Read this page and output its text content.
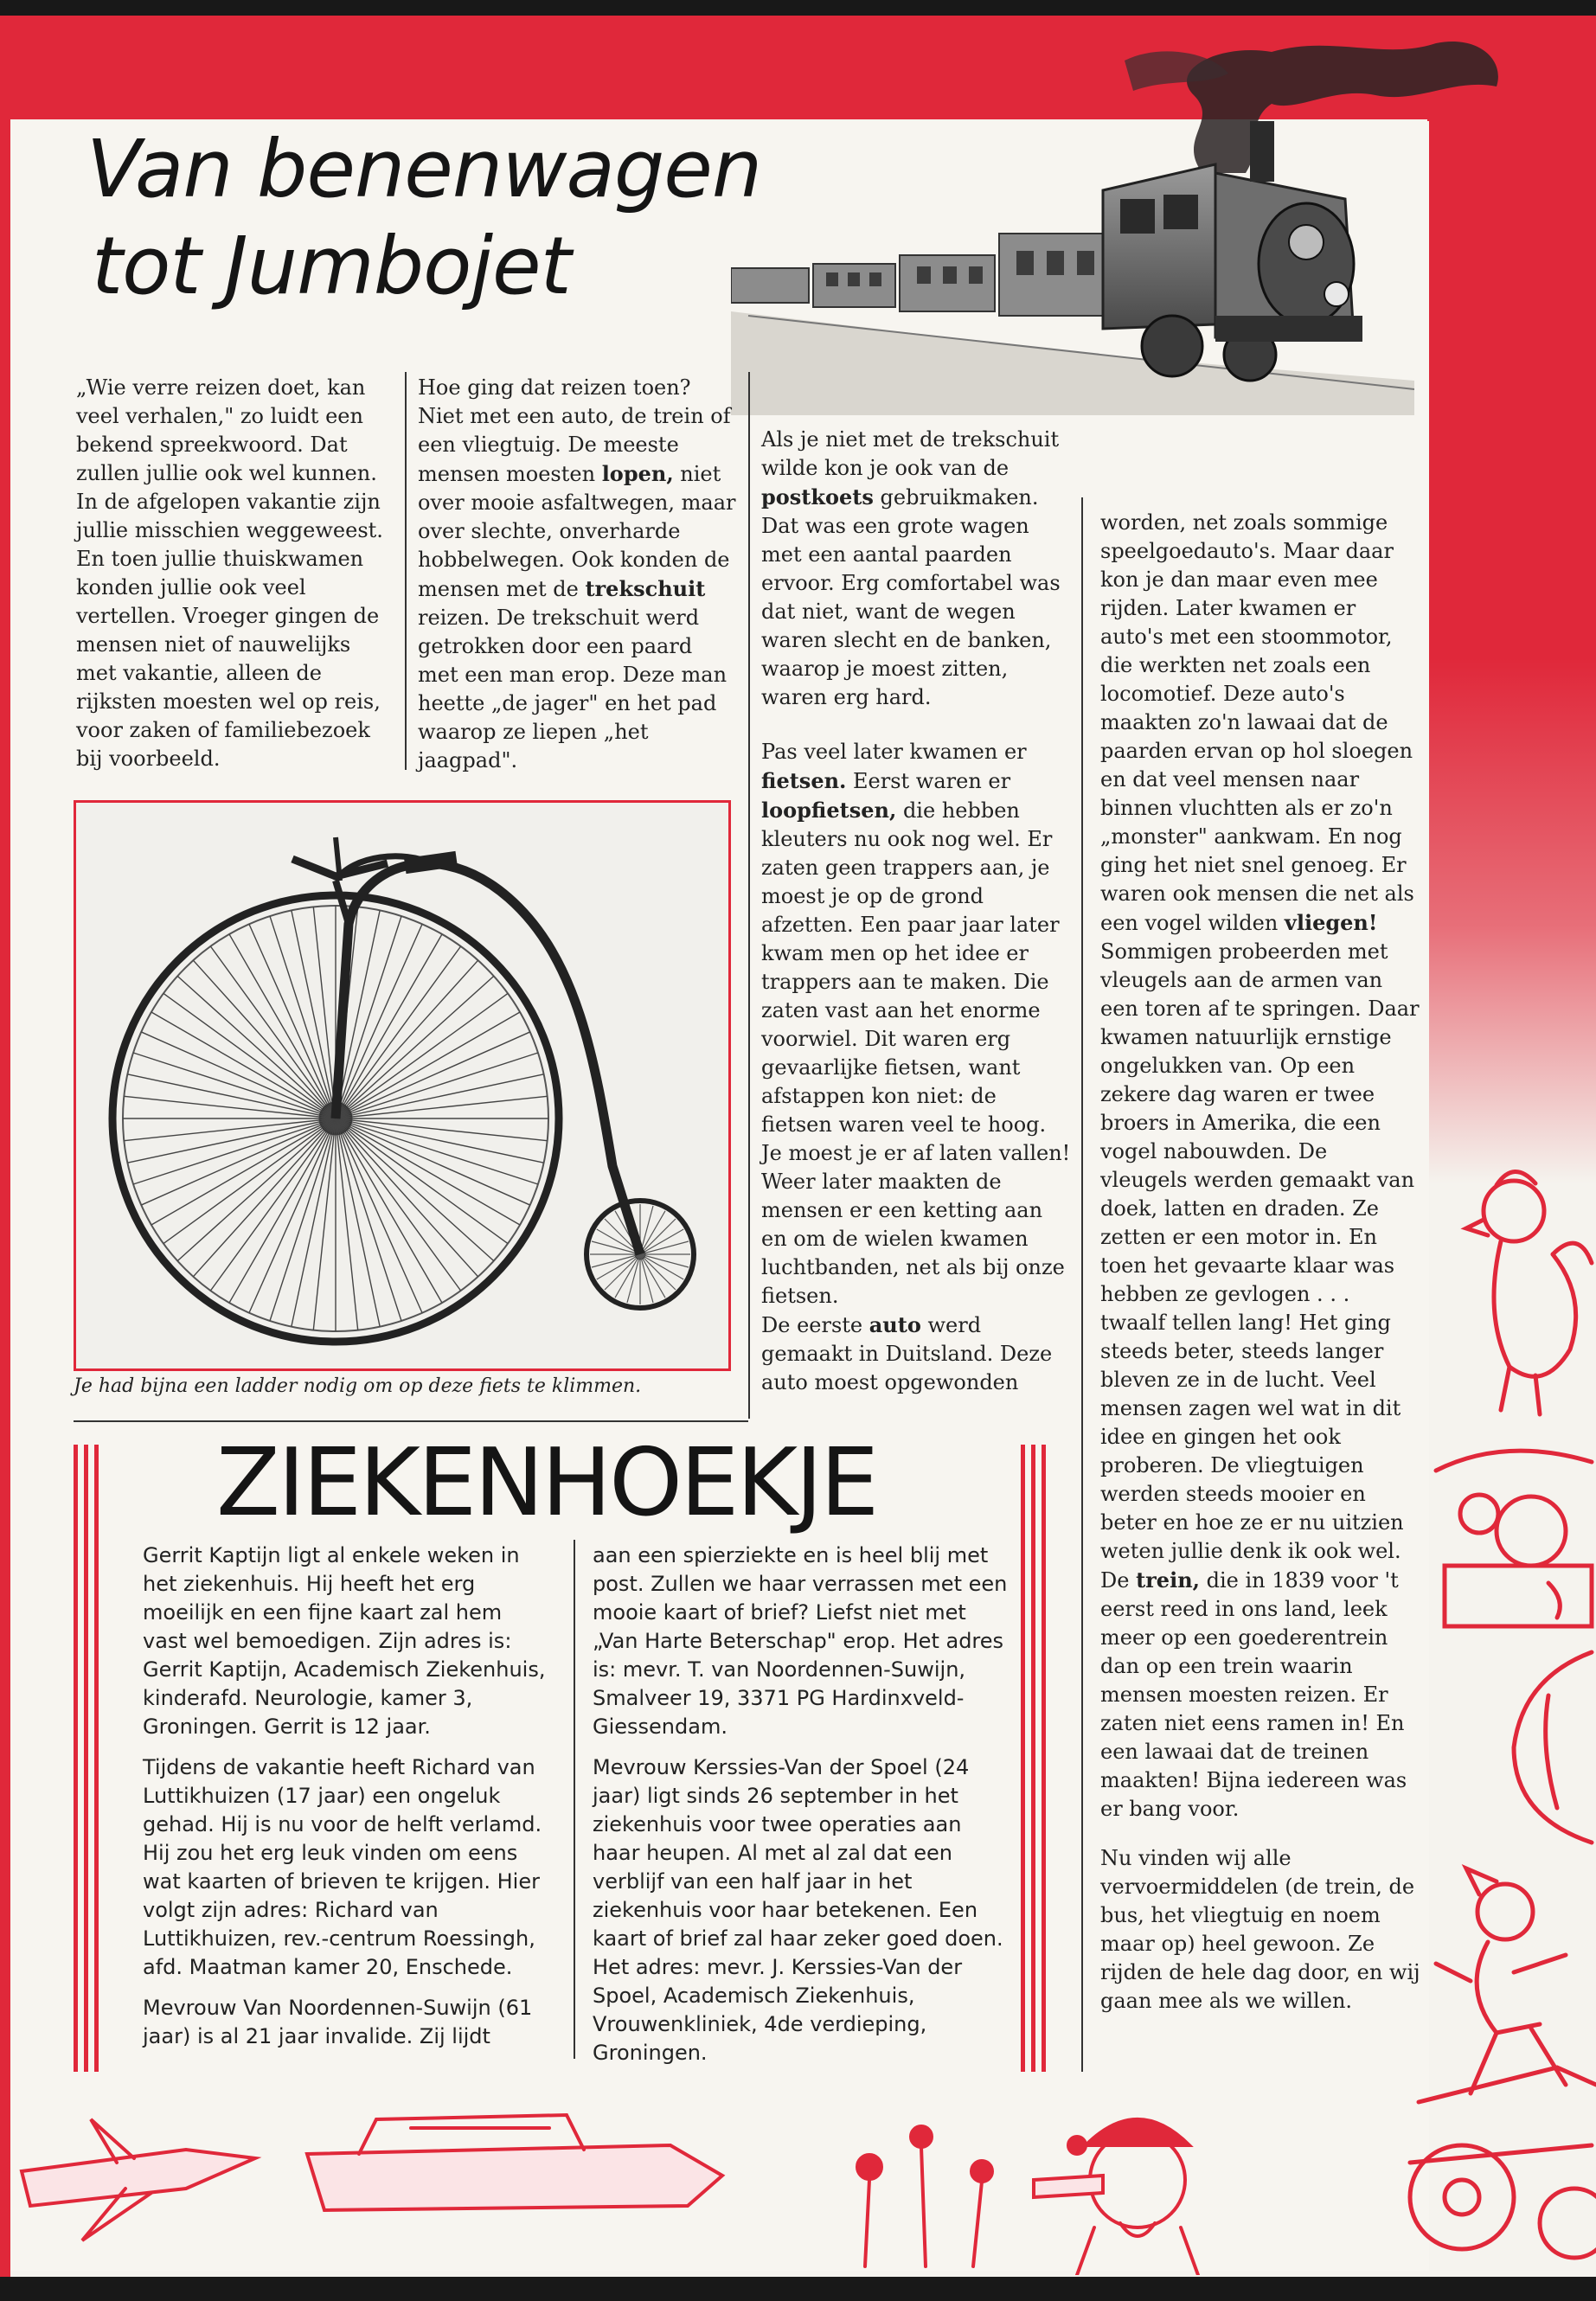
Van benenwagen
tot Jumbojet

„Wie verre reizen doet, kan veel verhalen," zo luidt een bekend spreekwoord. Dat zullen jullie ook wel kunnen. In de afgelopen vakantie zijn jullie misschien weggeweest. En toen jullie thuiskwamen konden jullie ook veel vertellen. Vroeger gingen de mensen niet of nauwelijks met vakantie, alleen de rijksten moesten wel op reis, voor zaken of familiebezoek bij voorbeeld.

Hoe ging dat reizen toen? Niet met een auto, de trein of een vliegtuig. De meeste mensen moesten lopen, niet over mooie asfaltwegen, maar over slechte, onverharde hobbelwegen. Ook konden de mensen met de trekschuit reizen. De trekschuit werd getrokken door een paard met een man erop. Deze man heette „de jager" en het pad waarop ze liepen „het jaagpad".

Als je niet met de trekschuit wilde kon je ook van de postkoets gebruikmaken. Dat was een grote wagen met een aantal paarden ervoor. Erg comfortabel was dat niet, want de wegen waren slecht en de banken, waarop je moest zitten, waren erg hard.

Pas veel later kwamen er fietsen. Eerst waren er loopfietsen, die hebben kleuters nu ook nog wel. Er zaten geen trappers aan, je moest je op de grond afzetten. Een paar jaar later kwam men op het idee er trappers aan te maken. Die zaten vast aan het enorme voorwiel. Dit waren erg gevaarlijke fietsen, want afstappen kon niet: de fietsen waren veel te hoog. Je moest je er af laten vallen! Weer later maakten de mensen er een ketting aan en om de wielen kwamen luchtbanden, net als bij onze fietsen.

De eerste auto werd gemaakt in Duitsland. Deze auto moest opgewonden

worden, net zoals sommige speelgoedauto's. Maar daar kon je dan maar even mee rijden. Later kwamen er auto's met een stoommotor, die werkten net zoals een locomotief. Deze auto's maakten zo'n lawaai dat de paarden ervan op hol sloegen en dat veel mensen naar binnen vluchtten als er zo'n „monster" aankwam. En nog ging het niet snel genoeg. Er waren ook mensen die net als een vogel wilden vliegen! Sommigen probeerden met vleugels aan de armen van een toren af te springen. Daar kwamen natuurlijk ernstige ongelukken van. Op een zekere dag waren er twee broers in Amerika, die een vogel nabouwden. De vleugels werden gemaakt van doek, latten en draden. Ze zetten er een motor in. En toen het gevaarte klaar was hebben ze gevlogen . . . twaalf tellen lang! Het ging steeds beter, steeds langer bleven ze in de lucht. Veel mensen zagen wel wat in dit idee en gingen het ook proberen. De vliegtuigen werden steeds mooier en beter en hoe ze er nu uitzien weten jullie denk ik ook wel. De trein, die in 1839 voor 't eerst reed in ons land, leek meer op een goederentrein dan op een trein waarin mensen moesten reizen. Er zaten niet eens ramen in! En een lawaai dat de treinen maakten! Bijna iedereen was er bang voor.

Nu vinden wij alle vervoermiddelen (de trein, de bus, het vliegtuig en noem maar op) heel gewoon. Ze rijden de hele dag door, en wij gaan mee als we willen.

Je had bijna een ladder nodig om op deze fiets te klimmen.
ZIEKENHOEKJE

Gerrit Kaptijn ligt al enkele weken in het ziekenhuis. Hij heeft het erg moeilijk en een fijne kaart zal hem vast wel bemoedigen. Zijn adres is: Gerrit Kaptijn, Academisch Ziekenhuis, kinderafd. Neurologie, kamer 3, Groningen. Gerrit is 12 jaar.

Tijdens de vakantie heeft Richard van Luttikhuizen (17 jaar) een ongeluk gehad. Hij is nu voor de helft verlamd. Hij zou het erg leuk vinden om eens wat kaarten of brieven te krijgen. Hier volgt zijn adres: Richard van Luttikhuizen, rev.-centrum Roessingh, afd. Maatman kamer 20, Enschede.

Mevrouw Van Noordennen-Suwijn (61 jaar) is al 21 jaar invalide. Zij lijdt

aan een spierziekte en is heel blij met post. Zullen we haar verrassen met een mooie kaart of brief? Liefst niet met „Van Harte Beterschap" erop. Het adres is: mevr. T. van Noordennen-Suwijn, Smalveer 19, 3371 PG Hardinxveld-Giessendam.

Mevrouw Kerssies-Van der Spoel (24 jaar) ligt sinds 26 september in het ziekenhuis voor twee operaties aan haar heupen. Al met al zal dat een verblijf van een half jaar in het ziekenhuis voor haar betekenen. Een kaart of brief zal haar zeker goed doen. Het adres: mevr. J. Kerssies-Van der Spoel, Academisch Ziekenhuis, Vrouwenkliniek, 4de verdieping, Groningen.
